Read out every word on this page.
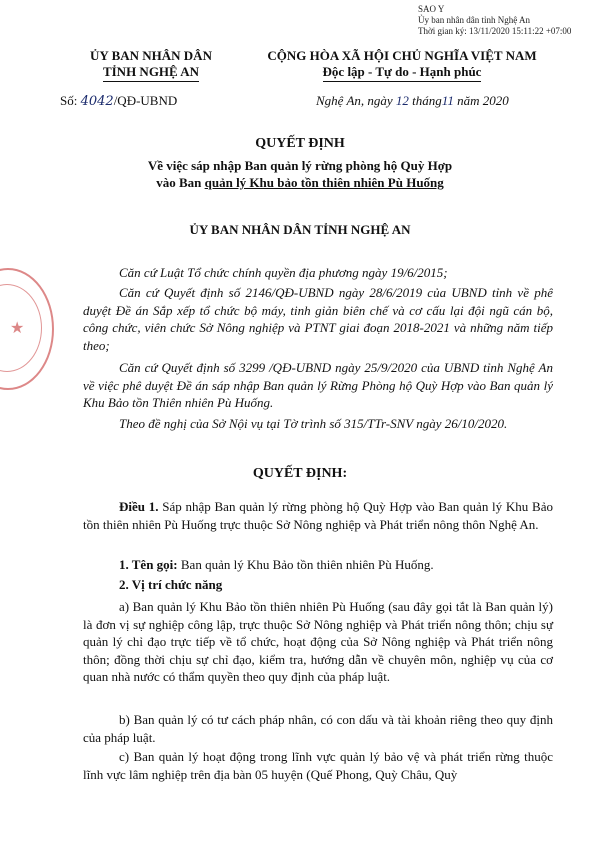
★
SAO Y
Ủy ban nhân dân tỉnh Nghệ An
Thời gian ký: 13/11/2020 15:11:22 +07:00
ỦY BAN NHÂN DÂN
TỈNH NGHỆ AN
CỘNG HÒA XÃ HỘI CHỦ NGHĨA VIỆT NAM
Độc lập - Tự do - Hạnh phúc
Số: 4042/QĐ-UBND	Nghệ An, ngày 12 tháng11 năm 2020
QUYẾT ĐỊNH
Về việc sáp nhập Ban quản lý rừng phòng hộ Quỳ Hợp
vào Ban quản lý Khu bảo tồn thiên nhiên Pù Huống
ỦY BAN NHÂN DÂN TỈNH NGHỆ AN
Căn cứ Luật Tổ chức chính quyền địa phương ngày 19/6/2015;
Căn cứ Quyết định số 2146/QĐ-UBND ngày 28/6/2019 của UBND tỉnh về phê duyệt Đề án Sắp xếp tổ chức bộ máy, tinh giản biên chế và cơ cấu lại đội ngũ cán bộ, công chức, viên chức Sở Nông nghiệp và PTNT giai đoạn 2018-2021 và những năm tiếp theo;
Căn cứ Quyết định số 3299 /QĐ-UBND ngày 25/9/2020 của UBND tỉnh Nghệ An về việc phê duyệt Đề án sáp nhập Ban quản lý Rừng Phòng hộ Quỳ Hợp vào Ban quản lý Khu Bảo tồn Thiên nhiên Pù Huống.
Theo đề nghị của Sở Nội vụ tại Tờ trình số 315/TTr-SNV ngày 26/10/2020.
QUYẾT ĐỊNH:
Điều 1. Sáp nhập Ban quản lý rừng phòng hộ Quỳ Hợp vào Ban quản lý Khu Bảo tồn thiên nhiên Pù Huống trực thuộc Sở Nông nghiệp và Phát triển nông thôn Nghệ An.
1. Tên gọi: Ban quản lý Khu Bảo tồn thiên nhiên Pù Huống.
2. Vị trí chức năng
a) Ban quản lý Khu Bảo tồn thiên nhiên Pù Huống (sau đây gọi tắt là Ban quản lý) là đơn vị sự nghiệp công lập, trực thuộc Sở Nông nghiệp và Phát triển nông thôn; chịu sự quản lý chỉ đạo trực tiếp về tổ chức, hoạt động của Sở Nông nghiệp và Phát triển nông thôn; đồng thời chịu sự chỉ đạo, kiểm tra, hướng dẫn về chuyên môn, nghiệp vụ của cơ quan nhà nước có thẩm quyền theo quy định của pháp luật.
b) Ban quản lý có tư cách pháp nhân, có con dấu và tài khoản riêng theo quy định của pháp luật.
c) Ban quản lý hoạt động trong lĩnh vực quản lý bảo vệ và phát triển rừng thuộc lĩnh vực lâm nghiệp trên địa bàn 05 huyện (Quế Phong, Quỳ Châu, Quỳ
